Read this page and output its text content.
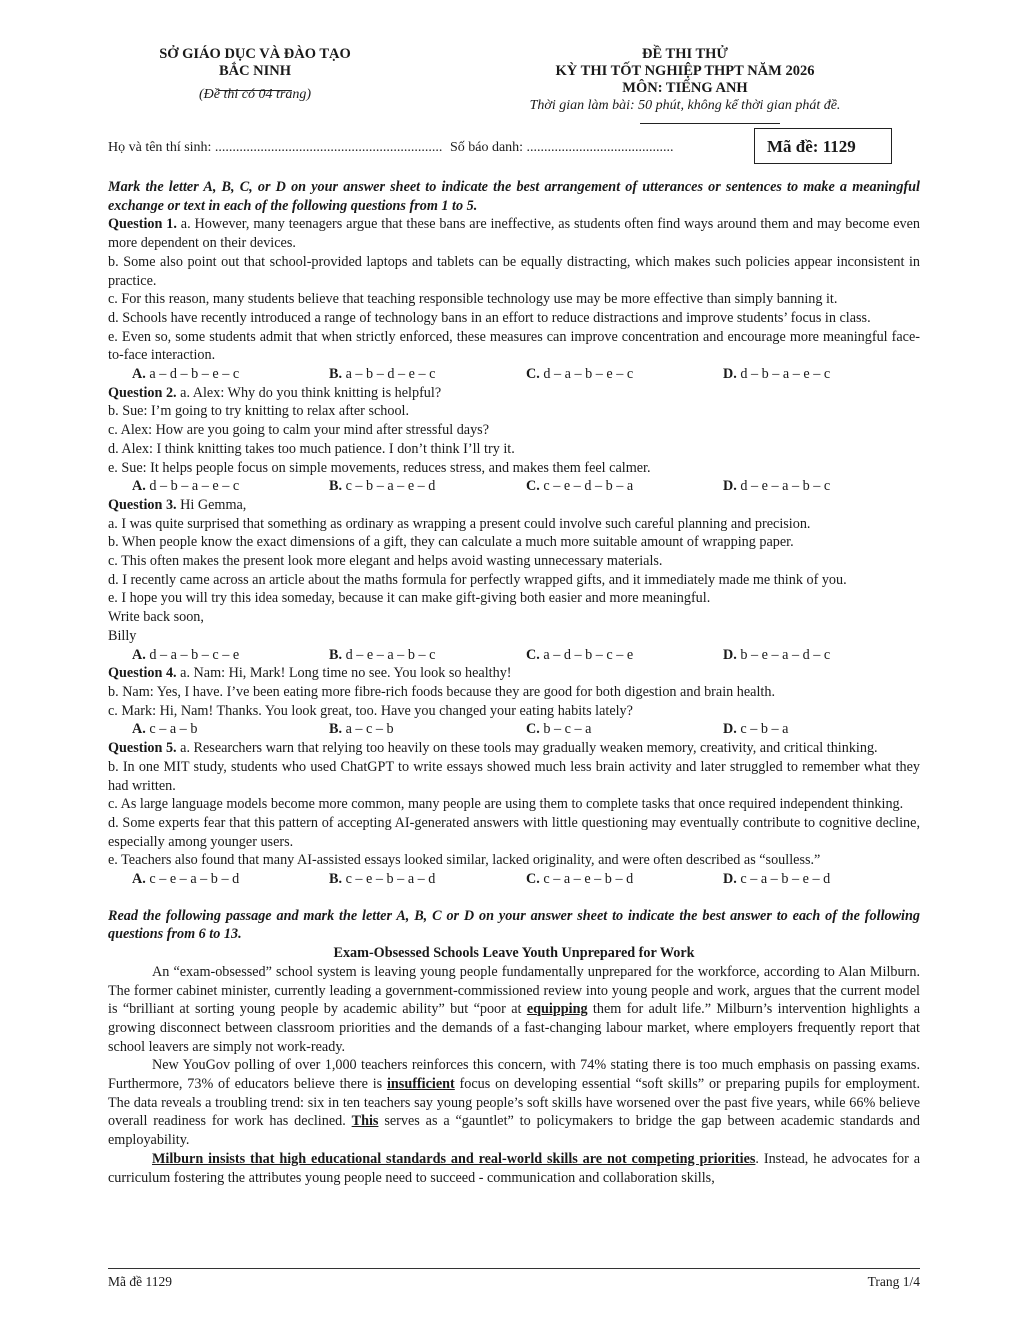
SỞ GIÁO DỤC VÀ ĐÀO TẠO
BẮC NINH
(Đề thi có 04 trang)
ĐỀ THI THỬ
KỲ THI TỐT NGHIỆP THPT NĂM 2026
MÔN: TIẾNG ANH
Thời gian làm bài: 50 phút, không kể thời gian phát đề.
Họ và tên thí sinh: ................................................................. Số báo danh: ..........................................	Mã đề: 1129

Mark the letter A, B, C, or D on your answer sheet to indicate the best arrangement of utterances or sentences to make a meaningful exchange or text in each of the following questions from 1 to 5.

Question 1. a. However, many teenagers argue that these bans are ineffective, as students often find ways around them and may become even more dependent on their devices.

b. Some also point out that school-provided laptops and tablets can be equally distracting, which makes such policies appear inconsistent in practice.

c. For this reason, many students believe that teaching responsible technology use may be more effective than simply banning it.

d. Schools have recently introduced a range of technology bans in an effort to reduce distractions and improve students’ focus in class.

e. Even so, some students admit that when strictly enforced, these measures can improve concentration and encourage more meaningful face-to-face interaction.

A. a – d – b – e – c	B. a – b – d – e – c	C. d – a – b – e – c	D. d – b – a – e – c

Question 2. a. Alex: Why do you think knitting is helpful?

b. Sue: I’m going to try knitting to relax after school.

c. Alex: How are you going to calm your mind after stressful days?

d. Alex: I think knitting takes too much patience. I don’t think I’ll try it.

e. Sue: It helps people focus on simple movements, reduces stress, and makes them feel calmer.

A. d – b – a – e – c	B. c – b – a – e – d	C. c – e – d – b – a	D. d – e – a – b – c

Question 3. Hi Gemma,

a. I was quite surprised that something as ordinary as wrapping a present could involve such careful planning and precision.

b. When people know the exact dimensions of a gift, they can calculate a much more suitable amount of wrapping paper.

c. This often makes the present look more elegant and helps avoid wasting unnecessary materials.

d. I recently came across an article about the maths formula for perfectly wrapped gifts, and it immediately made me think of you.

e. I hope you will try this idea someday, because it can make gift-giving both easier and more meaningful.

Write back soon,

Billy

A. d – a – b – c – e	B. d – e – a – b – c	C. a – d – b – c – e	D. b – e – a – d – c

Question 4. a. Nam: Hi, Mark! Long time no see. You look so healthy!

b. Nam: Yes, I have. I’ve been eating more fibre-rich foods because they are good for both digestion and brain health.

c. Mark: Hi, Nam! Thanks. You look great, too. Have you changed your eating habits lately?

A. c – a – b	B. a – c – b	C. b – c – a	D. c – b – a

Question 5. a. Researchers warn that relying too heavily on these tools may gradually weaken memory, creativity, and critical thinking.

b. In one MIT study, students who used ChatGPT to write essays showed much less brain activity and later struggled to remember what they had written.

c. As large language models become more common, many people are using them to complete tasks that once required independent thinking.

d. Some experts fear that this pattern of accepting AI-generated answers with little questioning may eventually contribute to cognitive decline, especially among younger users.

e. Teachers also found that many AI-assisted essays looked similar, lacked originality, and were often described as “soulless.”

A. c – e – a – b – d	B. c – e – b – a – d	C. c – a – e – b – d	D. c – a – b – e – d

Read the following passage and mark the letter A, B, C or D on your answer sheet to indicate the best answer to each of the following questions from 6 to 13.

Exam-Obsessed Schools Leave Youth Unprepared for Work

An “exam-obsessed” school system is leaving young people fundamentally unprepared for the workforce, according to Alan Milburn. The former cabinet minister, currently leading a government-commissioned review into young people and work, argues that the current model is “brilliant at sorting young people by academic ability” but “poor at equipping them for adult life.” Milburn’s intervention highlights a growing disconnect between classroom priorities and the demands of a fast-changing labour market, where employers frequently report that school leavers are simply not work-ready.

New YouGov polling of over 1,000 teachers reinforces this concern, with 74% stating there is too much emphasis on passing exams. Furthermore, 73% of educators believe there is insufficient focus on developing essential “soft skills” or preparing pupils for employment. The data reveals a troubling trend: six in ten teachers say young people’s soft skills have worsened over the past five years, while 66% believe overall readiness for work has declined. This serves as a “gauntlet” to policymakers to bridge the gap between academic standards and employability.

Milburn insists that high educational standards and real-world skills are not competing priorities. Instead, he advocates for a curriculum fostering the attributes young people need to succeed - communication and collaboration skills,

Mã đề 1129	Trang 1/4
